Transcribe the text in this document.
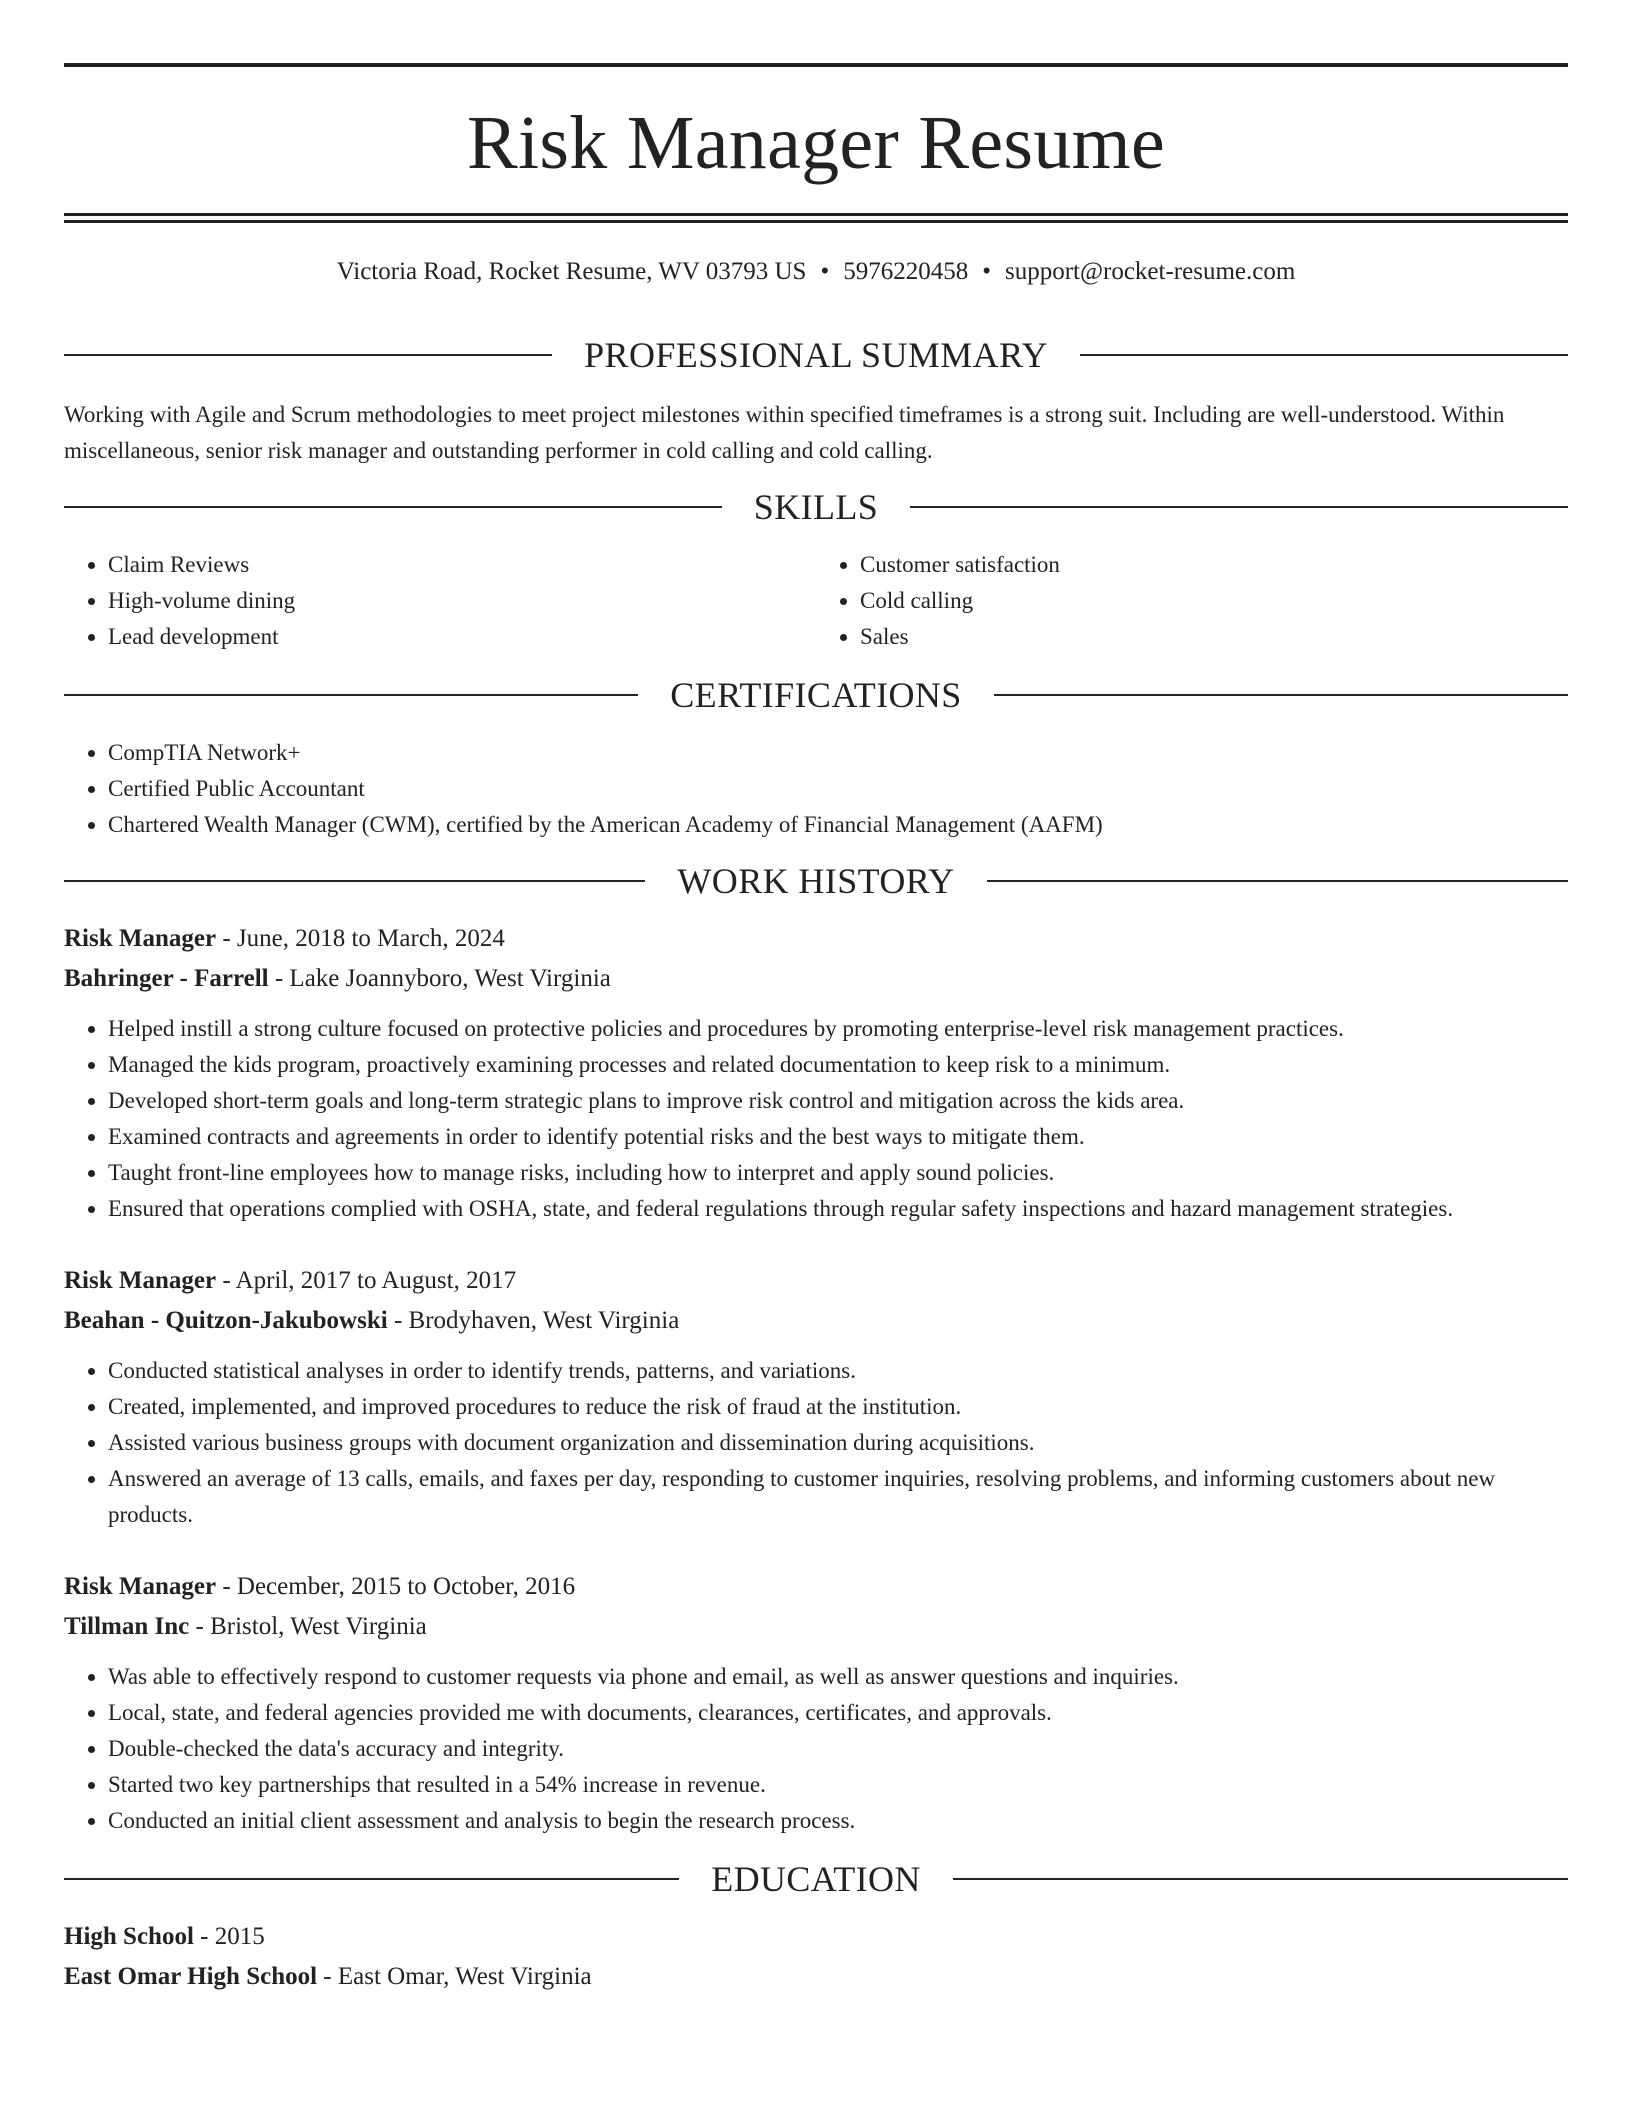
Risk Manager Resume
Victoria Road, Rocket Resume, WV 03793 US • 5976220458 • support@rocket-resume.com
PROFESSIONAL SUMMARY

Working with Agile and Scrum methodologies to meet project milestones within specified timeframes is a strong suit. Including are well-understood. Within miscellaneous, senior risk manager and outstanding performer in cold calling and cold calling.

SKILLS
• Claim Reviews
• High-volume dining
• Lead development
• Customer satisfaction
• Cold calling
• Sales
CERTIFICATIONS
• CompTIA Network+
• Certified Public Accountant
• Chartered Wealth Manager (CWM), certified by the American Academy of Financial Management (AAFM)
WORK HISTORY
Risk Manager - June, 2018 to March, 2024
Bahringer - Farrell - Lake Joannyboro, West Virginia
• Helped instill a strong culture focused on protective policies and procedures by promoting enterprise-level risk management practices.
• Managed the kids program, proactively examining processes and related documentation to keep risk to a minimum.
• Developed short-term goals and long-term strategic plans to improve risk control and mitigation across the kids area.
• Examined contracts and agreements in order to identify potential risks and the best ways to mitigate them.
• Taught front-line employees how to manage risks, including how to interpret and apply sound policies.
• Ensured that operations complied with OSHA, state, and federal regulations through regular safety inspections and hazard management strategies.
Risk Manager - April, 2017 to August, 2017
Beahan - Quitzon-Jakubowski - Brodyhaven, West Virginia
• Conducted statistical analyses in order to identify trends, patterns, and variations.
• Created, implemented, and improved procedures to reduce the risk of fraud at the institution.
• Assisted various business groups with document organization and dissemination during acquisitions.
• Answered an average of 13 calls, emails, and faxes per day, responding to customer inquiries, resolving problems, and informing customers about new products.
Risk Manager - December, 2015 to October, 2016
Tillman Inc - Bristol, West Virginia
• Was able to effectively respond to customer requests via phone and email, as well as answer questions and inquiries.
• Local, state, and federal agencies provided me with documents, clearances, certificates, and approvals.
• Double-checked the data's accuracy and integrity.
• Started two key partnerships that resulted in a 54% increase in revenue.
• Conducted an initial client assessment and analysis to begin the research process.
EDUCATION
High School - 2015
East Omar High School - East Omar, West Virginia
